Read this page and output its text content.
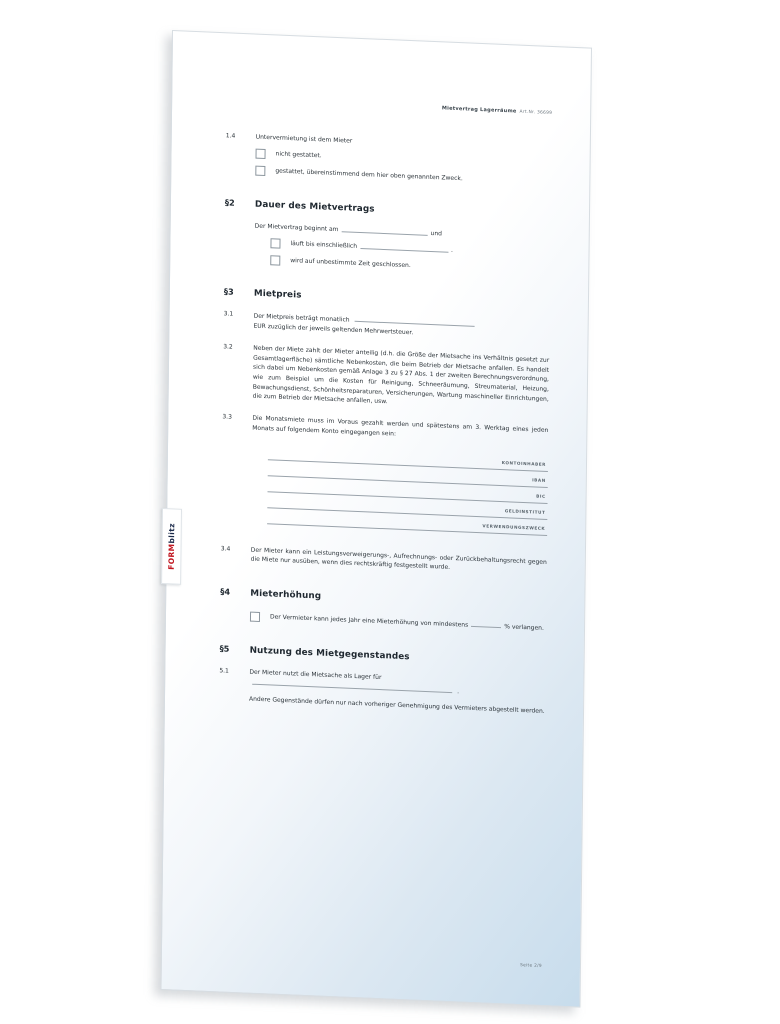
Mietvertrag Lagerräume Art.Nr. 36699
1.4	Untervermietung ist dem Mieter
nicht gestattet.
gestattet, übereinstimmend dem hier oben genannten Zweck.
§2	Dauer des Mietvertrags
Der Mietvertrag beginnt am
und
läuft bis einschließlich
.
wird auf unbestimmte Zeit geschlossen.
§3	Mietpreis
3.1	Der Mietpreis beträgt monatlich  EUR zuzüglich der jeweils geltenden Mehrwertsteuer.
3.2	Neben der Miete zahlt der Mieter anteilig (d.h. die Größe der Mietsache ins Verhältnis gesetzt zur Gesamtlagerfläche) sämtliche Nebenkosten, die beim Betrieb der Mietsache anfallen. Es handelt sich dabei um Nebenkosten gemäß Anlage 3 zu § 27 Abs. 1 der zweiten Berechnungsverordnung, wie zum Beispiel um die Kosten für Reinigung, Schneeräumung, Streumaterial, Heizung, Bewachungsdienst, Schönheitsreparaturen, Versicherungen, Wartung maschineller Einrichtungen, die zum Betrieb der Mietsache anfallen, usw.
3.3	Die Monatsmiete muss im Voraus gezahlt werden und spätestens am 3. Werktag eines jeden Monats auf folgendem Konto eingegangen sein:
KONTOINHABER
IBAN
BIC
GELDINSTITUT
VERWENDUNGSZWECK
3.4	Der Mieter kann ein Leistungsverweigerungs-, Aufrechnungs- oder Zurückbehaltungsrecht gegen die Miete nur ausüben, wenn dies rechtskräftig festgestellt wurde.
§4	Mieterhöhung
Der Vermieter kann jedes Jahr eine Mieterhöhung von mindestens	% verlangen.
§5	Nutzung des Mietgegenstandes
5.1	Der Mieter nutzt die Mietsache als Lager für  .
Andere Gegenstände dürfen nur nach vorheriger Genehmigung des Vermieters abgestellt werden.
Seite 2/9
FORMblitz
